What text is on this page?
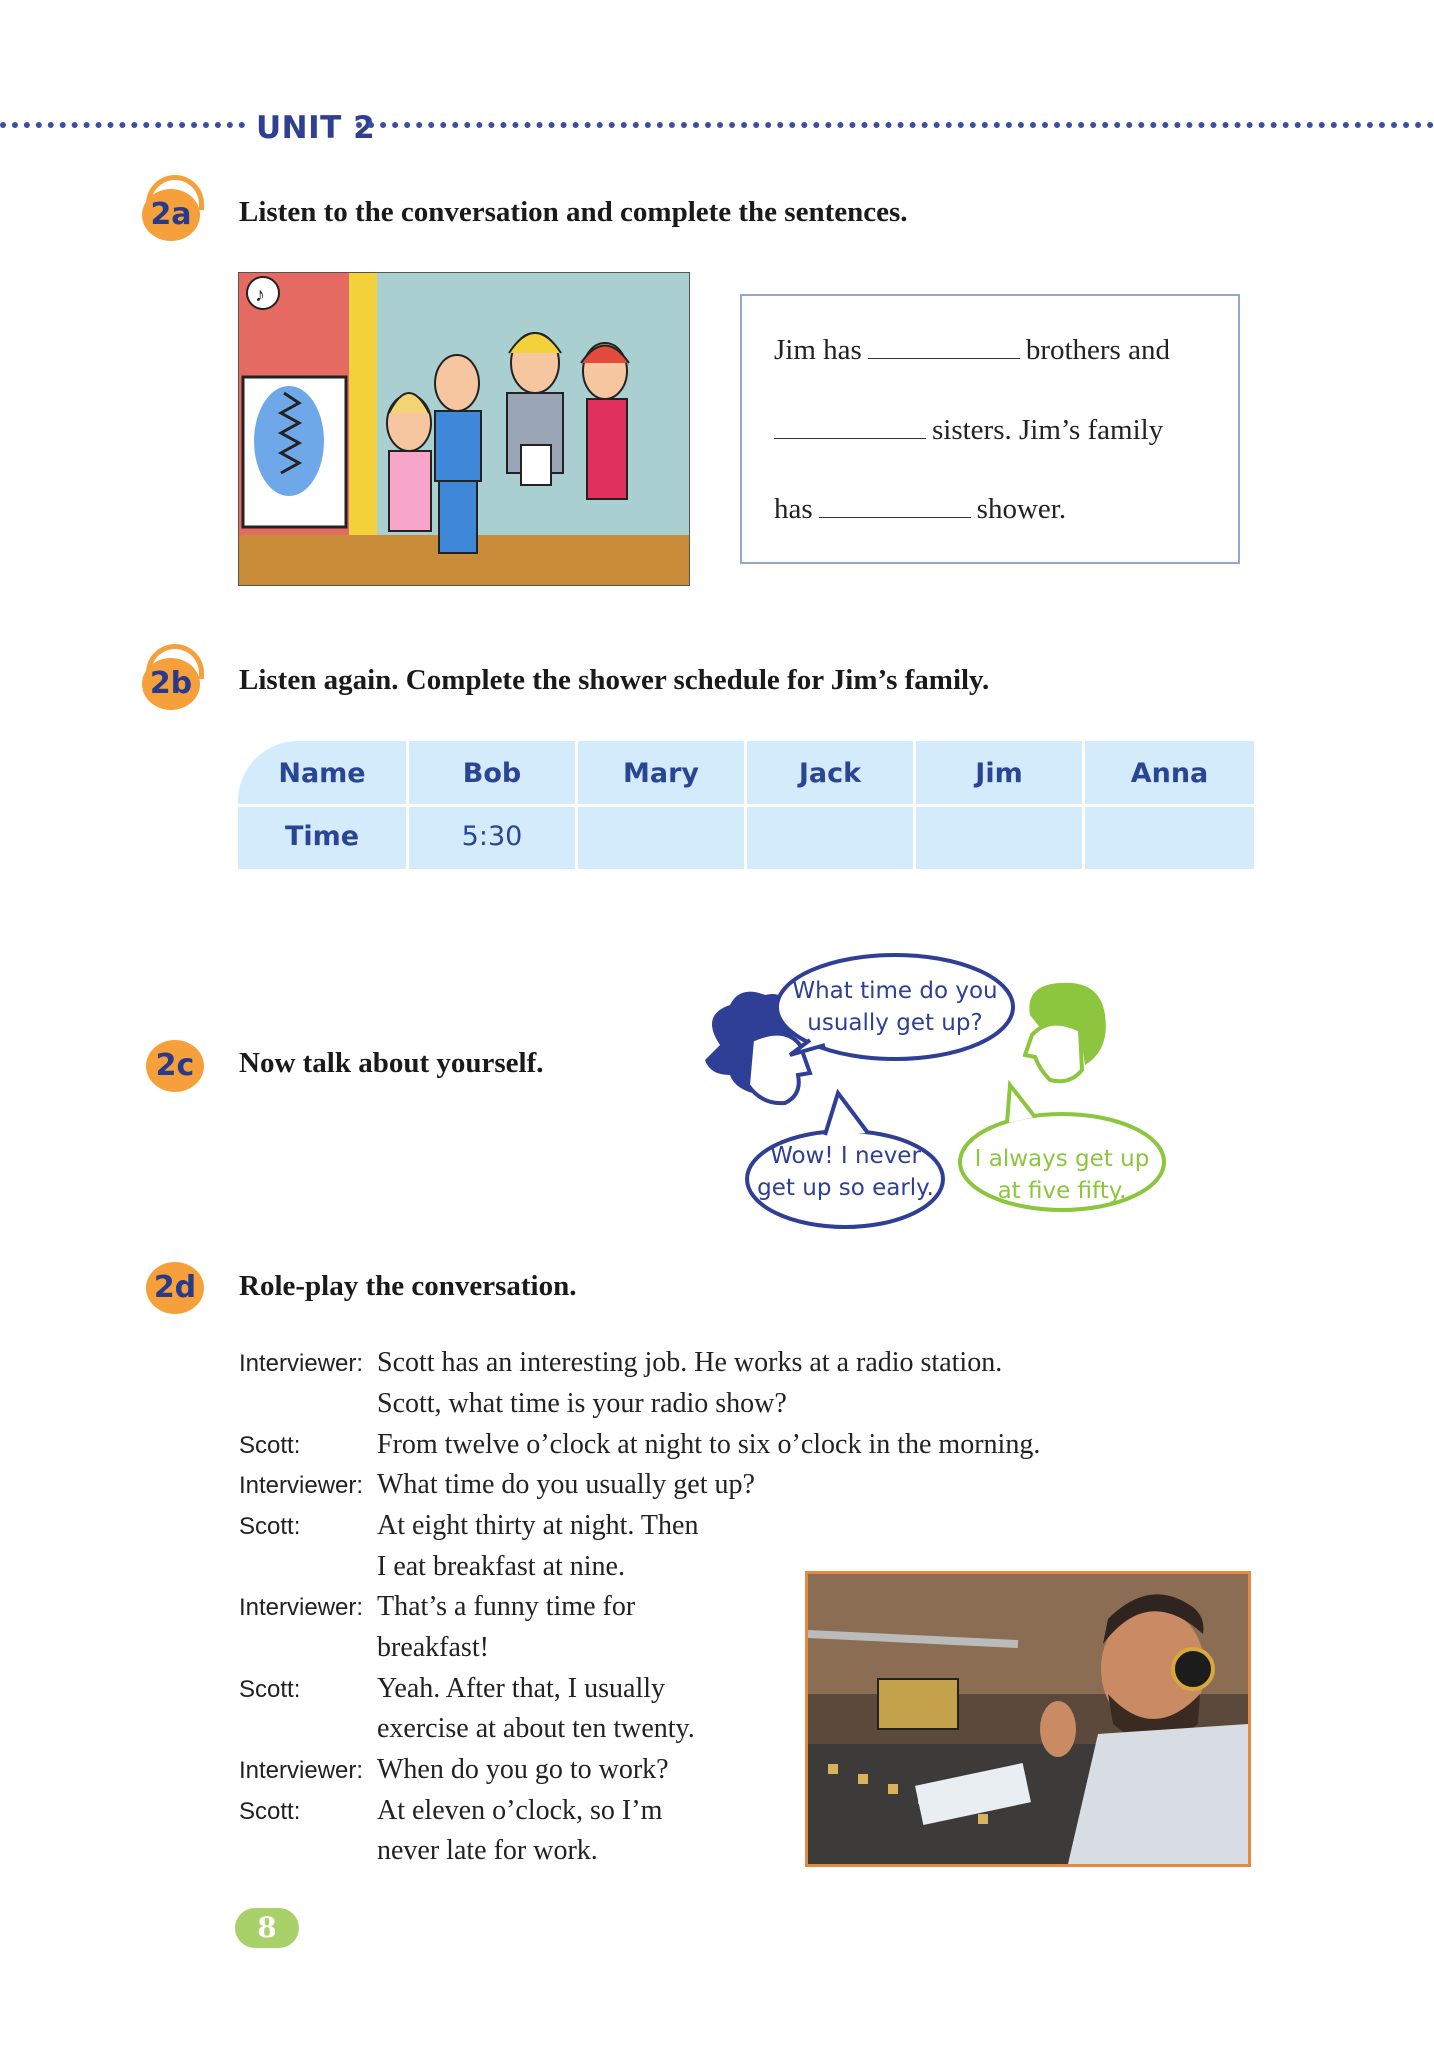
UNIT 2
2a Listen to the conversation and complete the sentences.
♪
Jim has	brothers and
sisters. Jim’s family
has	shower.
2b Listen again. Complete the shower schedule for Jim’s family.
Name	Bob	Mary	Jack	Jim	Anna
Time	5:30
2c	Now talk about yourself.
What time do you
usually get up?
Wow! I never
get up so early.
I always get up
at five fifty.
2d Role-play the conversation.
Interviewer: Scott has an interesting job. He works at a radio station.
Scott, what time is your radio show?
Scott:	From twelve o’clock at night to six o’clock in the morning.
Interviewer: What time do you usually get up?
Scott:	At eight thirty at night. Then
I eat breakfast at nine.
Interviewer: That’s a funny time for
breakfast!
Scott:	Yeah. After that, I usually
exercise at about ten twenty.
Interviewer: When do you go to work?
Scott:	At eleven o’clock, so I’m
never late for work.
8
